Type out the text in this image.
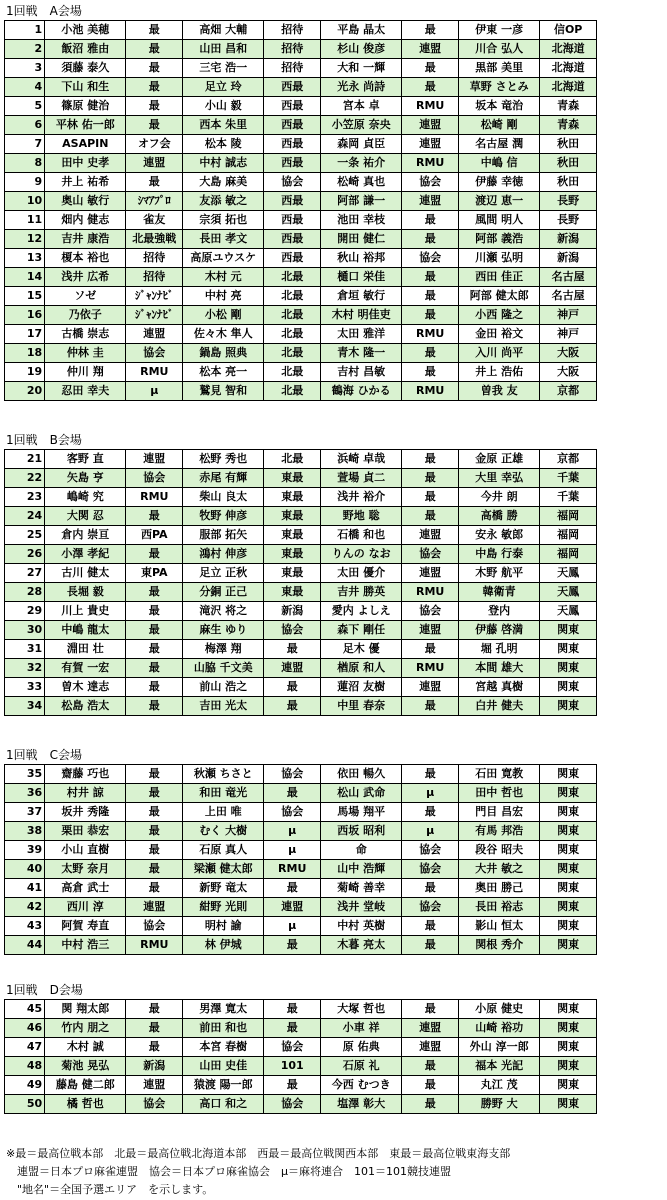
1回戦　A会場
1	小池 美穂	最	高畑 大輔	招待	平島 晶太	最	伊東 一彦	信OP
2	飯沼 雅由	最	山田 昌和	招待	杉山 俊彦	連盟	川合 弘人	北海道
3	須藤 泰久	最	三宅 浩一	招待	大和 一輝	最	黒部 美里	北海道
4	下山 和生	最	足立 玲	西最	光永 尚詩	最	草野 さとみ	北海道
5	篠原 健治	最	小山 毅	西最	宮本 卓	RMU	坂本 竜治	青森
6	平林 佑一郎	最	西本 朱里	西最	小笠原 奈央	連盟	松崎 剛	青森
7	ASAPIN	オフ会	松本 陵	西最	森岡 貞臣	連盟	名古屋 潤	秋田
8	田中 史孝	連盟	中村 誠志	西最	一条 祐介	RMU	中嶋 信	秋田
9	井上 祐希	最	大島 麻美	協会	松崎 真也	協会	伊藤 幸徳	秋田
10	奥山 敏行	ｼﾏｱﾌﾟﾛ	友添 敏之	西最	阿部 謙一	連盟	渡辺 恵一	長野
11	畑内 健志	雀友	宗須 拓也	西最	池田 幸枝	最	風間 明人	長野
12	吉井 康浩	北最強戦	長田 孝文	西最	開田 健仁	最	阿部 義浩	新潟
13	榎本 裕也	招待	高原ユウスケ	西最	秋山 裕邦	協会	川瀬 弘明	新潟
14	浅井 広希	招待	木村 元	北最	樋口 栄佳	最	西田 佳正	名古屋
15	ソゼ	ｼﾞｬﾝﾅﾋﾞ	中村 亮	北最	倉垣 敏行	最	阿部 健太郎	名古屋
16	乃依子	ｼﾞｬﾝﾅﾋﾞ	小松 剛	北最	木村 明佳吏	最	小西 隆之	神戸
17	古橋 崇志	連盟	佐々木 隼人	北最	太田 雅洋	RMU	金田 裕文	神戸
18	仲林 圭	協会	鍋島 照典	北最	青木 隆一	最	入川 尚平	大阪
19	仲川 翔	RMU	松本 亮一	北最	吉村 昌敏	最	井上 浩佑	大阪
20	忍田 幸夫	μ	鷲見 智和	北最	鶴海 ひかる	RMU	曽我 友	京都
1回戦　B会場
21	客野 直	連盟	松野 秀也	北最	浜崎 卓哉	最	金原 正雄	京都
22	矢島 亨	協会	赤尾 有輝	東最	萱場 貞二	最	大里 幸弘	千葉
23	嶋崎 究	RMU	柴山 良太	東最	浅井 裕介	最	今井 朗	千葉
24	大関 忍	最	牧野 伸彦	東最	野地 聡	最	高橋 勝	福岡
25	倉内 崇亘	西PA	服部 拓矢	東最	石橋 和也	連盟	安永 敏郎	福岡
26	小澤 孝紀	最	鴻村 伸彦	東最	りんの なお	協会	中島 行泰	福岡
27	古川 健太	東PA	足立 正秋	東最	太田 優介	連盟	木野 航平	天鳳
28	長堀 毅	最	分銅 正己	東最	吉井 勝英	RMU	韓衛青	天鳳
29	川上 貴史	最	滝沢 将之	新潟	愛内 よしえ	協会	登内	天鳳
30	中嶋 龍太	最	麻生 ゆり	協会	森下 剛任	連盟	伊藤 啓満	関東
31	淵田 壮	最	梅澤 翔	最	足木 優	最	堀 孔明	関東
32	有賀 一宏	最	山脇 千文美	連盟	楢原 和人	RMU	本間 雄大	関東
33	曽木 達志	最	前山 浩之	最	蓮沼 友樹	連盟	宮越 真樹	関東
34	松島 浩太	最	吉田 光太	最	中里 春奈	最	白井 健夫	関東
1回戦　C会場
35	齋藤 巧也	最	秋瀬 ちさと	協会	依田 暢久	最	石田 寛教	関東
36	村井 諒	最	和田 竜光	最	松山 武命	μ	田中 哲也	関東
37	坂井 秀隆	最	上田 唯	協会	馬場 翔平	最	門目 昌宏	関東
38	栗田 恭宏	最	むく 大樹	μ	西坂 昭利	μ	有馬 邦浩	関東
39	小山 直樹	最	石原 真人	μ	命	協会	段谷 昭夫	関東
40	太野 奈月	最	梁瀬 健太郎	RMU	山中 浩輝	協会	大井 敏之	関東
41	高倉 武士	最	新野 竜太	最	菊崎 善幸	最	奥田 勝己	関東
42	西川 淳	連盟	紺野 光則	連盟	浅井 堂岐	協会	長田 裕志	関東
43	阿賀 寿直	協会	明村 諭	μ	中村 英樹	最	影山 恒太	関東
44	中村 浩三	RMU	林 伊城	最	木暮 亮太	最	関根 秀介	関東
1回戦　D会場
45	関 翔太郎	最	男澤 寛太	最	大塚 哲也	最	小原 健史	関東
46	竹内 朋之	最	前田 和也	最	小車 祥	連盟	山崎 裕功	関東
47	木村 誠	最	本宮 春樹	協会	原 佑典	連盟	外山 淳一郎	関東
48	菊池 晃弘	新潟	山田 史佳	101	石原 礼	最	福本 光記	関東
49	藤島 健二郎	連盟	猿渡 陽一郎	最	今西 むつき	最	丸江 茂	関東
50	橘 哲也	協会	高口 和之	協会	塩澤 彰大	最	勝野 大	関東
※最＝最高位戦本部　北最＝最高位戦北海道本部　西最＝最高位戦関西本部　東最＝最高位戦東海支部
　連盟＝日本プロ麻雀連盟　協会＝日本プロ麻雀協会　μ＝麻将連合　101＝101競技連盟
　"地名"＝全国予選エリア　を示します。
